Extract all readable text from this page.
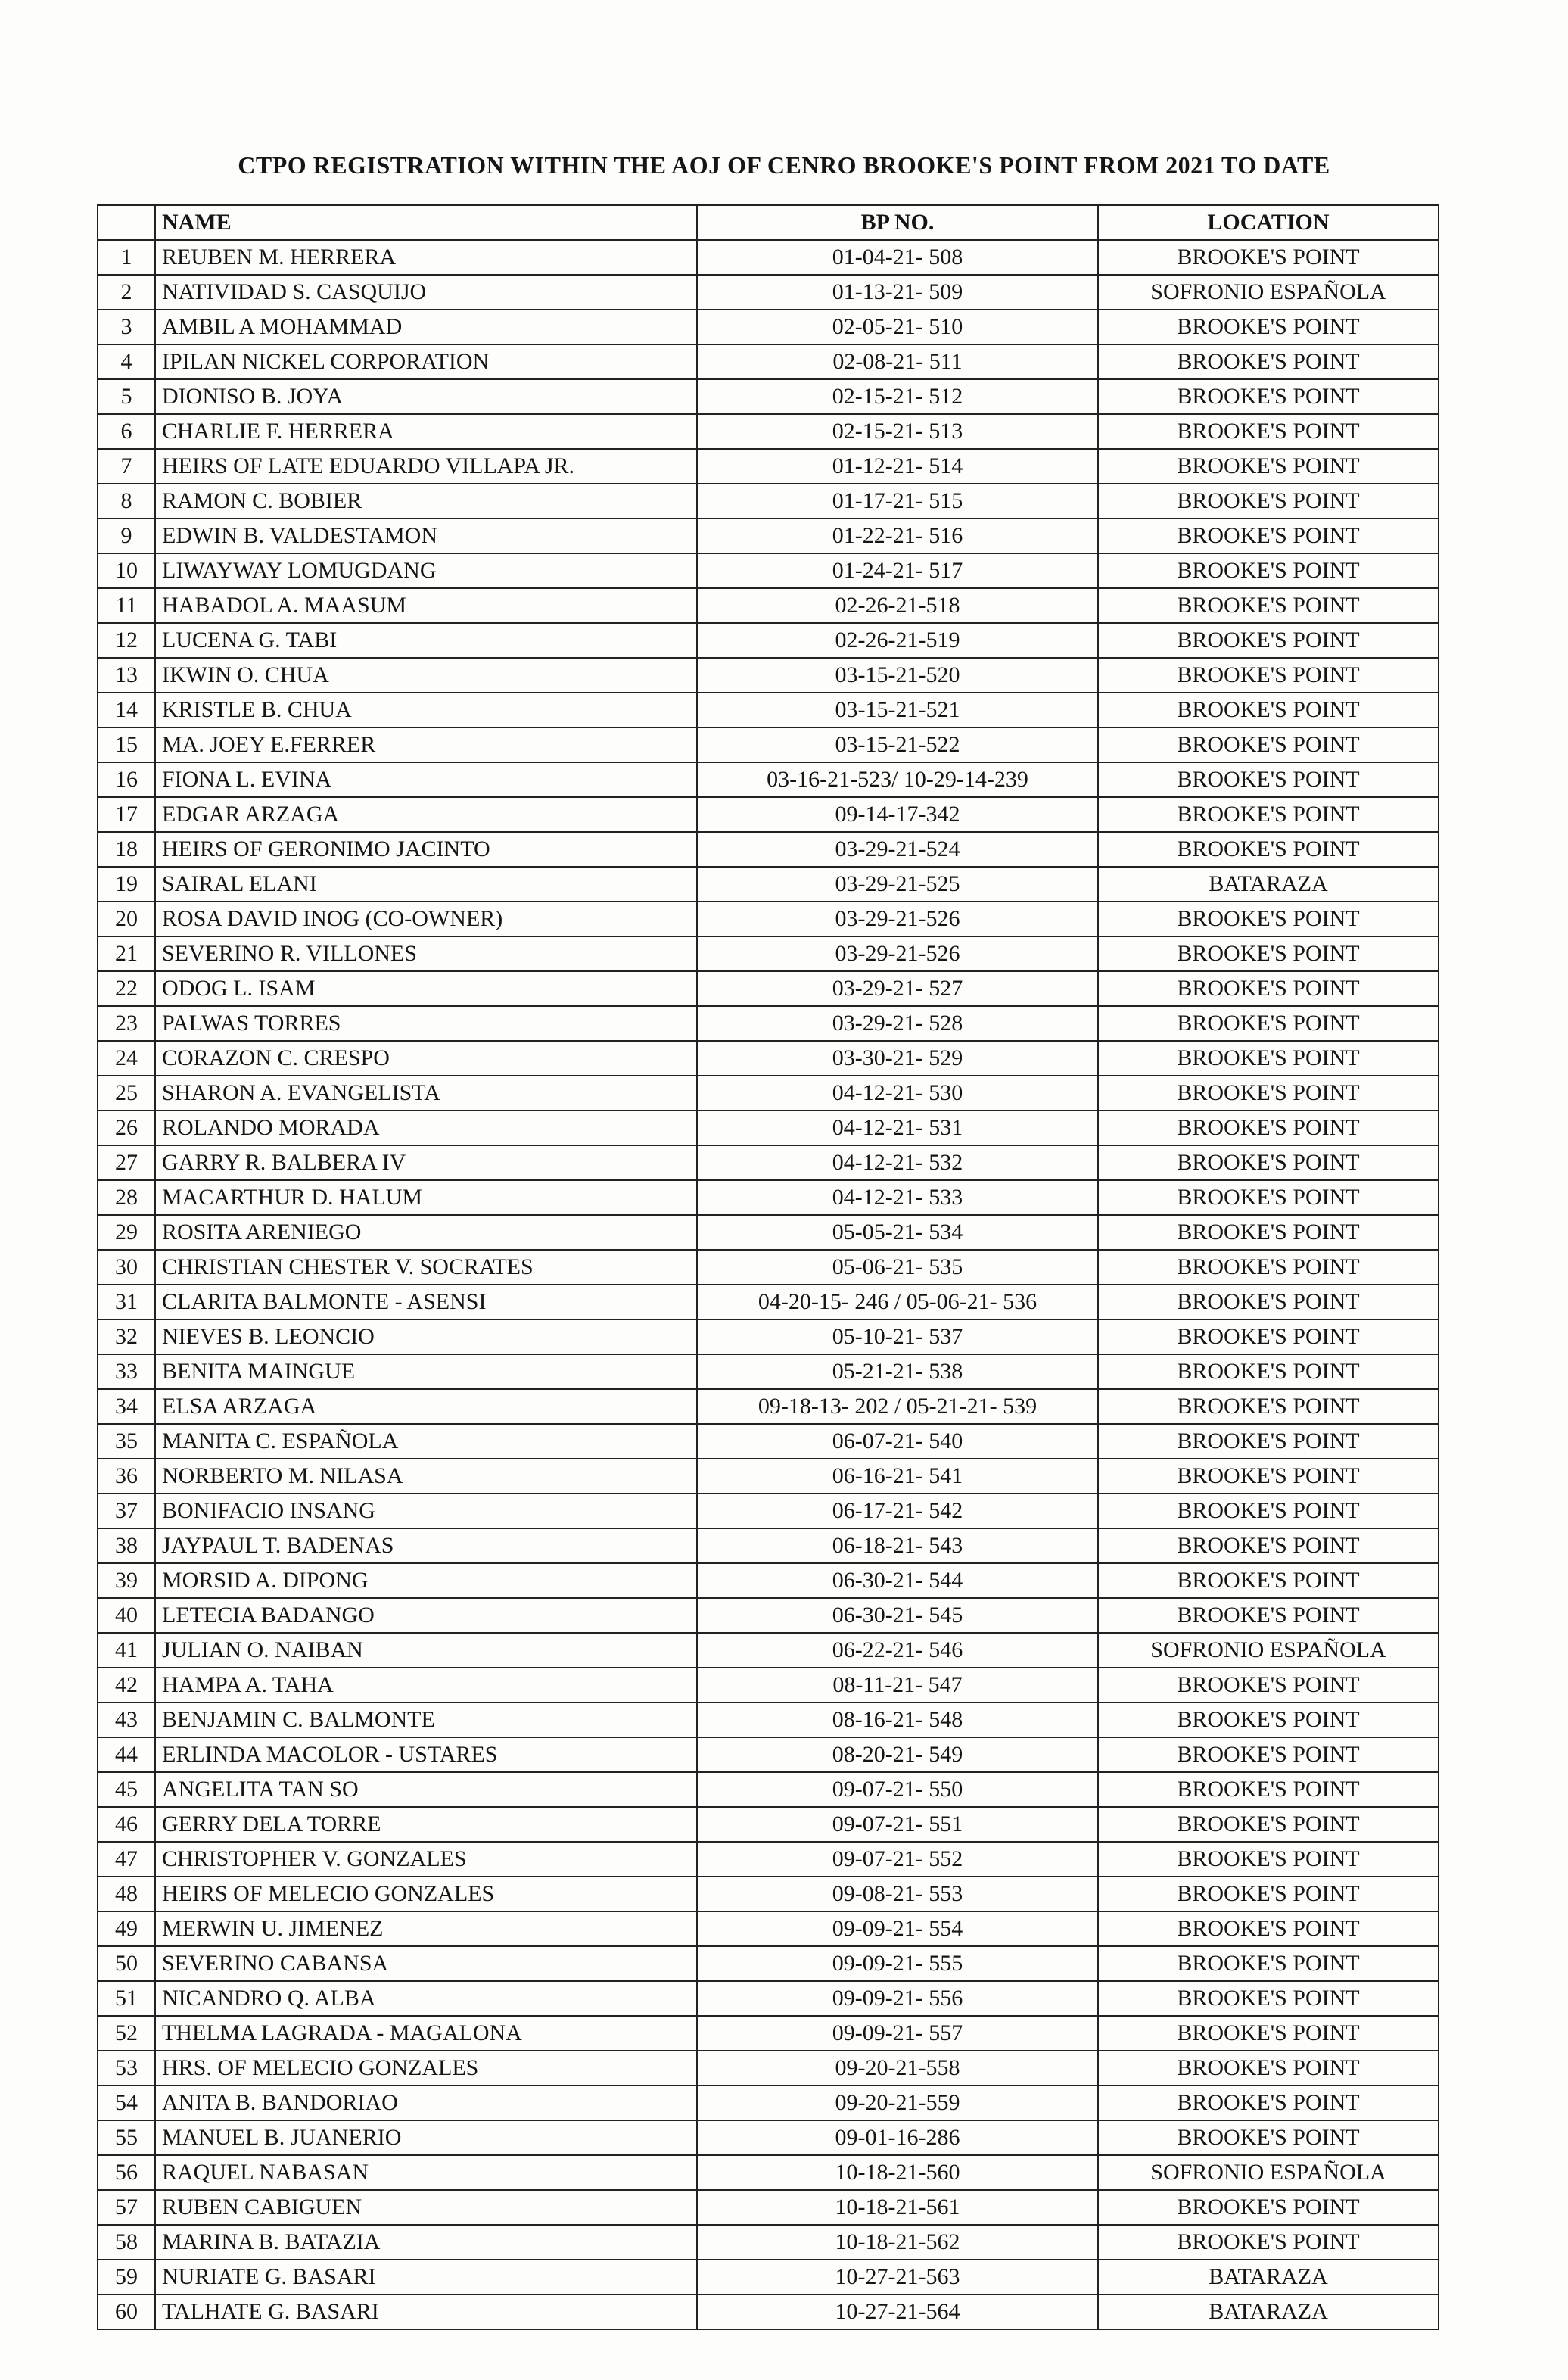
CTPO REGISTRATION WITHIN THE AOJ OF CENRO BROOKE'S POINT FROM 2021 TO DATE
	NAME	BP NO.	LOCATION
1	REUBEN M. HERRERA	01-04-21- 508	BROOKE'S POINT
2	NATIVIDAD S. CASQUIJO	01-13-21- 509	SOFRONIO ESPAÑOLA
3	AMBIL A MOHAMMAD	02-05-21- 510	BROOKE'S POINT
4	IPILAN NICKEL CORPORATION	02-08-21- 511	BROOKE'S POINT
5	DIONISO B. JOYA	02-15-21- 512	BROOKE'S POINT
6	CHARLIE F. HERRERA	02-15-21- 513	BROOKE'S POINT
7	HEIRS OF LATE EDUARDO VILLAPA JR.	01-12-21- 514	BROOKE'S POINT
8	RAMON C. BOBIER	01-17-21- 515	BROOKE'S POINT
9	EDWIN B. VALDESTAMON	01-22-21- 516	BROOKE'S POINT
10	LIWAYWAY LOMUGDANG	01-24-21- 517	BROOKE'S POINT
11	HABADOL A. MAASUM	02-26-21-518	BROOKE'S POINT
12	LUCENA G. TABI	02-26-21-519	BROOKE'S POINT
13	IKWIN O. CHUA	03-15-21-520	BROOKE'S POINT
14	KRISTLE B. CHUA	03-15-21-521	BROOKE'S POINT
15	MA. JOEY E.FERRER	03-15-21-522	BROOKE'S POINT
16	FIONA L. EVINA	03-16-21-523/ 10-29-14-239	BROOKE'S POINT
17	EDGAR ARZAGA	09-14-17-342	BROOKE'S POINT
18	HEIRS OF GERONIMO JACINTO	03-29-21-524	BROOKE'S POINT
19	SAIRAL ELANI	03-29-21-525	BATARAZA
20	ROSA DAVID INOG (CO-OWNER)	03-29-21-526	BROOKE'S POINT
21	SEVERINO R. VILLONES	03-29-21-526	BROOKE'S POINT
22	ODOG L. ISAM	03-29-21- 527	BROOKE'S POINT
23	PALWAS TORRES	03-29-21- 528	BROOKE'S POINT
24	CORAZON C. CRESPO	03-30-21- 529	BROOKE'S POINT
25	SHARON A. EVANGELISTA	04-12-21- 530	BROOKE'S POINT
26	ROLANDO MORADA	04-12-21- 531	BROOKE'S POINT
27	GARRY R. BALBERA IV	04-12-21- 532	BROOKE'S POINT
28	MACARTHUR D. HALUM	04-12-21- 533	BROOKE'S POINT
29	ROSITA ARENIEGO	05-05-21- 534	BROOKE'S POINT
30	CHRISTIAN CHESTER V. SOCRATES	05-06-21- 535	BROOKE'S POINT
31	CLARITA BALMONTE - ASENSI	04-20-15- 246 / 05-06-21- 536	BROOKE'S POINT
32	NIEVES B. LEONCIO	05-10-21- 537	BROOKE'S POINT
33	BENITA MAINGUE	05-21-21- 538	BROOKE'S POINT
34	ELSA ARZAGA	09-18-13- 202 / 05-21-21- 539	BROOKE'S POINT
35	MANITA C. ESPAÑOLA	06-07-21- 540	BROOKE'S POINT
36	NORBERTO M. NILASA	06-16-21- 541	BROOKE'S POINT
37	BONIFACIO INSANG	06-17-21- 542	BROOKE'S POINT
38	JAYPAUL T. BADENAS	06-18-21- 543	BROOKE'S POINT
39	MORSID A. DIPONG	06-30-21- 544	BROOKE'S POINT
40	LETECIA BADANGO	06-30-21- 545	BROOKE'S POINT
41	JULIAN O. NAIBAN	06-22-21- 546	SOFRONIO ESPAÑOLA
42	HAMPA A. TAHA	08-11-21- 547	BROOKE'S POINT
43	BENJAMIN C. BALMONTE	08-16-21- 548	BROOKE'S POINT
44	ERLINDA MACOLOR - USTARES	08-20-21- 549	BROOKE'S POINT
45	ANGELITA TAN SO	09-07-21- 550	BROOKE'S POINT
46	GERRY DELA TORRE	09-07-21- 551	BROOKE'S POINT
47	CHRISTOPHER V. GONZALES	09-07-21- 552	BROOKE'S POINT
48	HEIRS OF MELECIO GONZALES	09-08-21- 553	BROOKE'S POINT
49	MERWIN U. JIMENEZ	09-09-21- 554	BROOKE'S POINT
50	SEVERINO CABANSA	09-09-21- 555	BROOKE'S POINT
51	NICANDRO Q. ALBA	09-09-21- 556	BROOKE'S POINT
52	THELMA LAGRADA - MAGALONA	09-09-21- 557	BROOKE'S POINT
53	HRS. OF MELECIO GONZALES	09-20-21-558	BROOKE'S POINT
54	ANITA B. BANDORIAO	09-20-21-559	BROOKE'S POINT
55	MANUEL B. JUANERIO	09-01-16-286	BROOKE'S POINT
56	RAQUEL NABASAN	10-18-21-560	SOFRONIO ESPAÑOLA
57	RUBEN CABIGUEN	10-18-21-561	BROOKE'S POINT
58	MARINA B. BATAZIA	10-18-21-562	BROOKE'S POINT
59	NURIATE G. BASARI	10-27-21-563	BATARAZA
60	TALHATE G. BASARI	10-27-21-564	BATARAZA
